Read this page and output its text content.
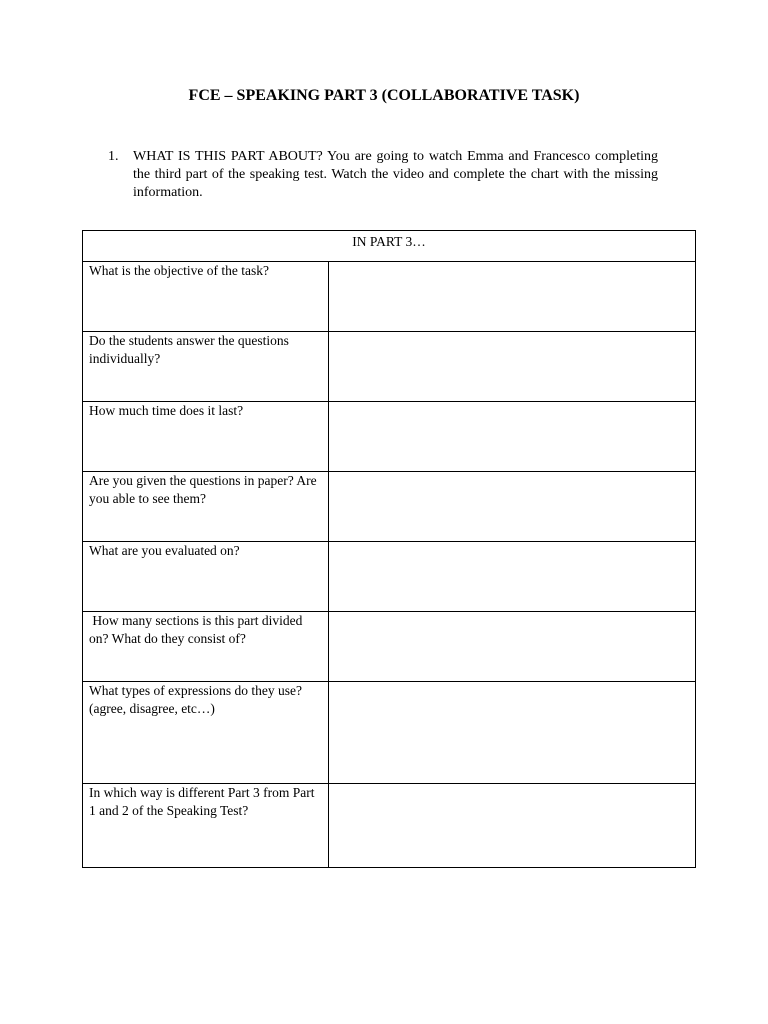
FCE – SPEAKING PART 3 (COLLABORATIVE TASK)
1. WHAT IS THIS PART ABOUT? You are going to watch Emma and Francesco completing the third part of the speaking test. Watch the video and complete the chart with the missing information.
IN PART 3…	
What is the objective of the task?	
Do the students answer the questions individually?	
How much time does it last?	
Are you given the questions in paper? Are you able to see them?	
What are you evaluated on?	
How many sections is this part divided on? What do they consist of?	
What types of expressions do they use? (agree, disagree, etc…)	
In which way is different Part 3 from Part 1 and 2 of the Speaking Test?	
